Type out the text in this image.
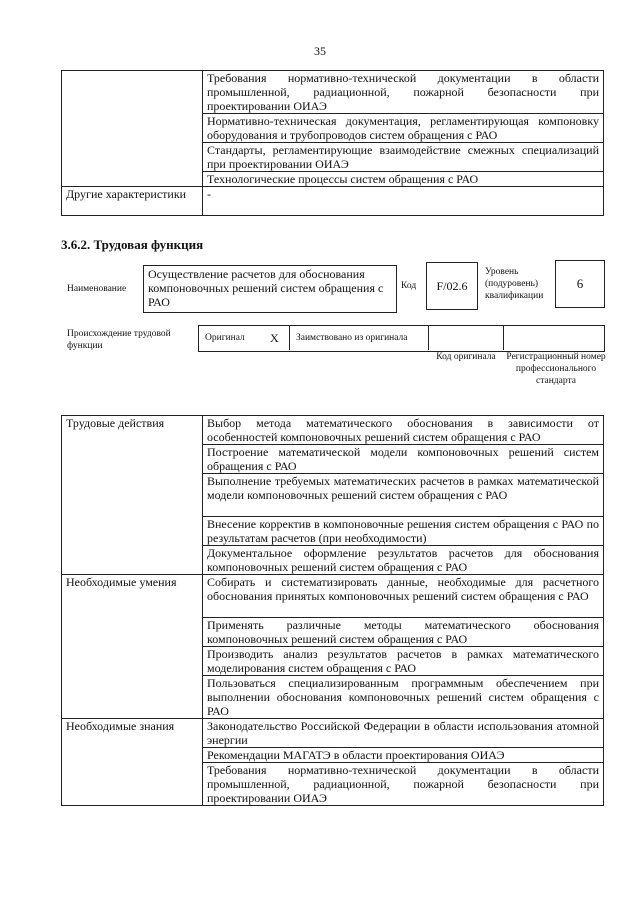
35
	Требования нормативно-технической документации в области промышленной, радиационной, пожарной безопасности при проектировании ОИАЭ
	Нормативно-техническая документация, регламентирующая компоновку оборудования и трубопроводов систем обращения с РАО
	Стандарты, регламентирующие взаимодействие смежных специализаций при проектировании ОИАЭ
	Технологические процессы систем обращения с РАО
Другие характеристики	-
3.6.2. Трудовая функция
Наименование
Осуществление расчетов для обоснования компоновочных решений систем обращения с РАО
Код	F/02.6
Уровень (подуровень) квалификации
6
Происхождение трудовой функции
Оригинал X Заимствовано из оригинала
Код оригинала	Регистрационный номер профессионального стандарта
Трудовые действия	Выбор метода математического обоснования в зависимости от особенностей компоновочных решений систем обращения с РАО
	Построение математической модели компоновочных решений систем обращения с РАО
	Выполнение требуемых математических расчетов в рамках математической модели компоновочных решений систем обращения с РАО
	Внесение корректив в компоновочные решения систем обращения с РАО по результатам расчетов (при необходимости)
	Документальное оформление результатов расчетов для обоснования компоновочных решений систем обращения с РАО
Необходимые умения	Собирать и систематизировать данные, необходимые для расчетного обоснования принятых компоновочных решений систем обращения с РАО
	Применять различные методы математического обоснования компоновочных решений систем обращения с РАО
	Производить анализ результатов расчетов в рамках математического моделирования систем обращения с РАО
	Пользоваться специализированным программным обеспечением при выполнении обоснования компоновочных решений систем обращения с РАО
Необходимые знания	Законодательство Российской Федерации в области использования атомной энергии
	Рекомендации МАГАТЭ в области проектирования ОИАЭ
	Требования нормативно-технической документации в области промышленной, радиационной, пожарной безопасности при проектировании ОИАЭ
